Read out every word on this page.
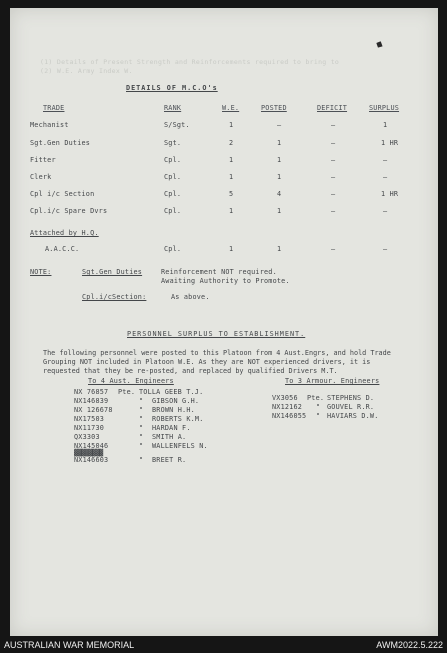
(1) Details of Present Strength and Reinforcements required to bring to
(2) W.E. Army Index W.
DETAILS OF M.C.O's
TRADE	RANK	W.E.	POSTED	DEFICIT	SURPLUS
Mechanist	S/Sgt.	1	–	–	1
Sgt.Gen Duties	Sgt.	2	1	–	1 HR
Fitter	Cpl.	1	1	–	–
Clerk	Cpl.	1	1	–	–
Cpl i/c Section	Cpl.	5	4	–	1 HR
Cpl.i/c Spare Dvrs	Cpl.	1	1	–	–
Attached by H.Q.
A.A.C.C.	Cpl.	1	1	–	–
NOTE:	Sgt.Gen Duties	Reinforcement NOT required.
Awaiting Authority to Promote.
Cpl.i/cSection:	As above.
PERSONNEL SURPLUS TO ESTABLISHMENT.
The following personnel were posted to this Platoon from 4 Aust.Engrs, and hold Trade Grouping NOT included in Platoon W.E. As they are NOT experienced drivers, it is requested that they be re-posted, and replaced by qualified Drivers M.T.
To 4 Aust. Engineers	To 3 Armour. Engineers
NX 76857 Pte. TOLLA GEEB T.J.
NX146839	" GIBSON G.H.
NX 126678	" BROWN H.H.
NX17503	" ROBERTS K.M.
NX11730	" HARDAN F.
QX3303	" SMITH A.
NX145046	" WALLENFELS N.
▓▓▓▓▓▓▓▓
NX146603	" BREET R.
VX3056 Pte. STEPHENS D.
NX12162 " GOUVEL R.R.
NX146055 " HAVIARS D.W.
AUSTRALIAN WAR MEMORIAL	AWM2022.5.222
